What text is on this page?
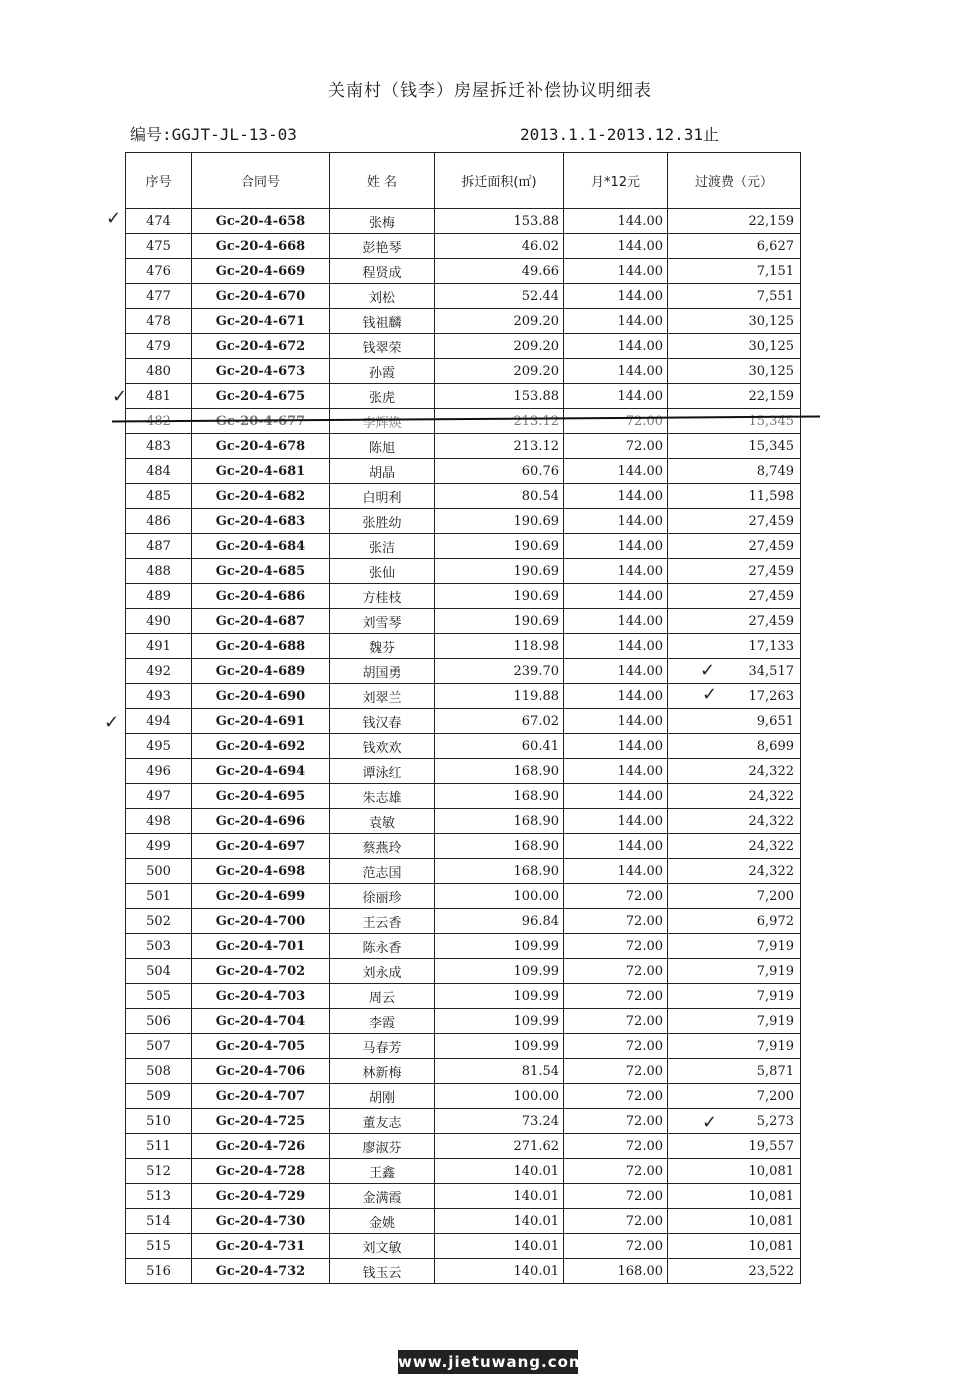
关南村（钱李）房屋拆迁补偿协议明细表
编号:GGJT-JL-13-03	2013.1.1-2013.12.31止
序号	合同号	姓 名	拆迁面积(㎡)	月*12元	过渡费（元）
474	Gc-20-4-658	张梅	153.88	144.00	22,159
475	Gc-20-4-668	彭艳琴	46.02	144.00	6,627
476	Gc-20-4-669	程贤成	49.66	144.00	7,151
477	Gc-20-4-670	刘松	52.44	144.00	7,551
478	Gc-20-4-671	钱祖麟	209.20	144.00	30,125
479	Gc-20-4-672	钱翠荣	209.20	144.00	30,125
480	Gc-20-4-673	孙霞	209.20	144.00	30,125
481	Gc-20-4-675	张虎	153.88	144.00	22,159
482	Gc-20-4-677	李辉焕	213.12	72.00	15,345
483	Gc-20-4-678	陈旭	213.12	72.00	15,345
484	Gc-20-4-681	胡晶	60.76	144.00	8,749
485	Gc-20-4-682	白明利	80.54	144.00	11,598
486	Gc-20-4-683	张胜幼	190.69	144.00	27,459
487	Gc-20-4-684	张洁	190.69	144.00	27,459
488	Gc-20-4-685	张仙	190.69	144.00	27,459
489	Gc-20-4-686	方桂枝	190.69	144.00	27,459
490	Gc-20-4-687	刘雪琴	190.69	144.00	27,459
491	Gc-20-4-688	魏芬	118.98	144.00	17,133
492	Gc-20-4-689	胡国勇	239.70	144.00	34,517
493	Gc-20-4-690	刘翠兰	119.88	144.00	17,263
494	Gc-20-4-691	钱汉春	67.02	144.00	9,651
495	Gc-20-4-692	钱欢欢	60.41	144.00	8,699
496	Gc-20-4-694	谭泳红	168.90	144.00	24,322
497	Gc-20-4-695	朱志雄	168.90	144.00	24,322
498	Gc-20-4-696	袁敏	168.90	144.00	24,322
499	Gc-20-4-697	蔡燕玲	168.90	144.00	24,322
500	Gc-20-4-698	范志国	168.90	144.00	24,322
501	Gc-20-4-699	徐丽珍	100.00	72.00	7,200
502	Gc-20-4-700	王云香	96.84	72.00	6,972
503	Gc-20-4-701	陈永香	109.99	72.00	7,919
504	Gc-20-4-702	刘永成	109.99	72.00	7,919
505	Gc-20-4-703	周云	109.99	72.00	7,919
506	Gc-20-4-704	李霞	109.99	72.00	7,919
507	Gc-20-4-705	马春芳	109.99	72.00	7,919
508	Gc-20-4-706	林新梅	81.54	72.00	5,871
509	Gc-20-4-707	胡刚	100.00	72.00	7,200
510	Gc-20-4-725	董友志	73.24	72.00	5,273
511	Gc-20-4-726	廖淑芬	271.62	72.00	19,557
512	Gc-20-4-728	王鑫	140.01	72.00	10,081
513	Gc-20-4-729	金满霞	140.01	72.00	10,081
514	Gc-20-4-730	金姚	140.01	72.00	10,081
515	Gc-20-4-731	刘文敏	140.01	72.00	10,081
516	Gc-20-4-732	钱玉云	140.01	168.00	23,522
✓
✓
✓
✓
✓
✓
www.jietuwang.com
